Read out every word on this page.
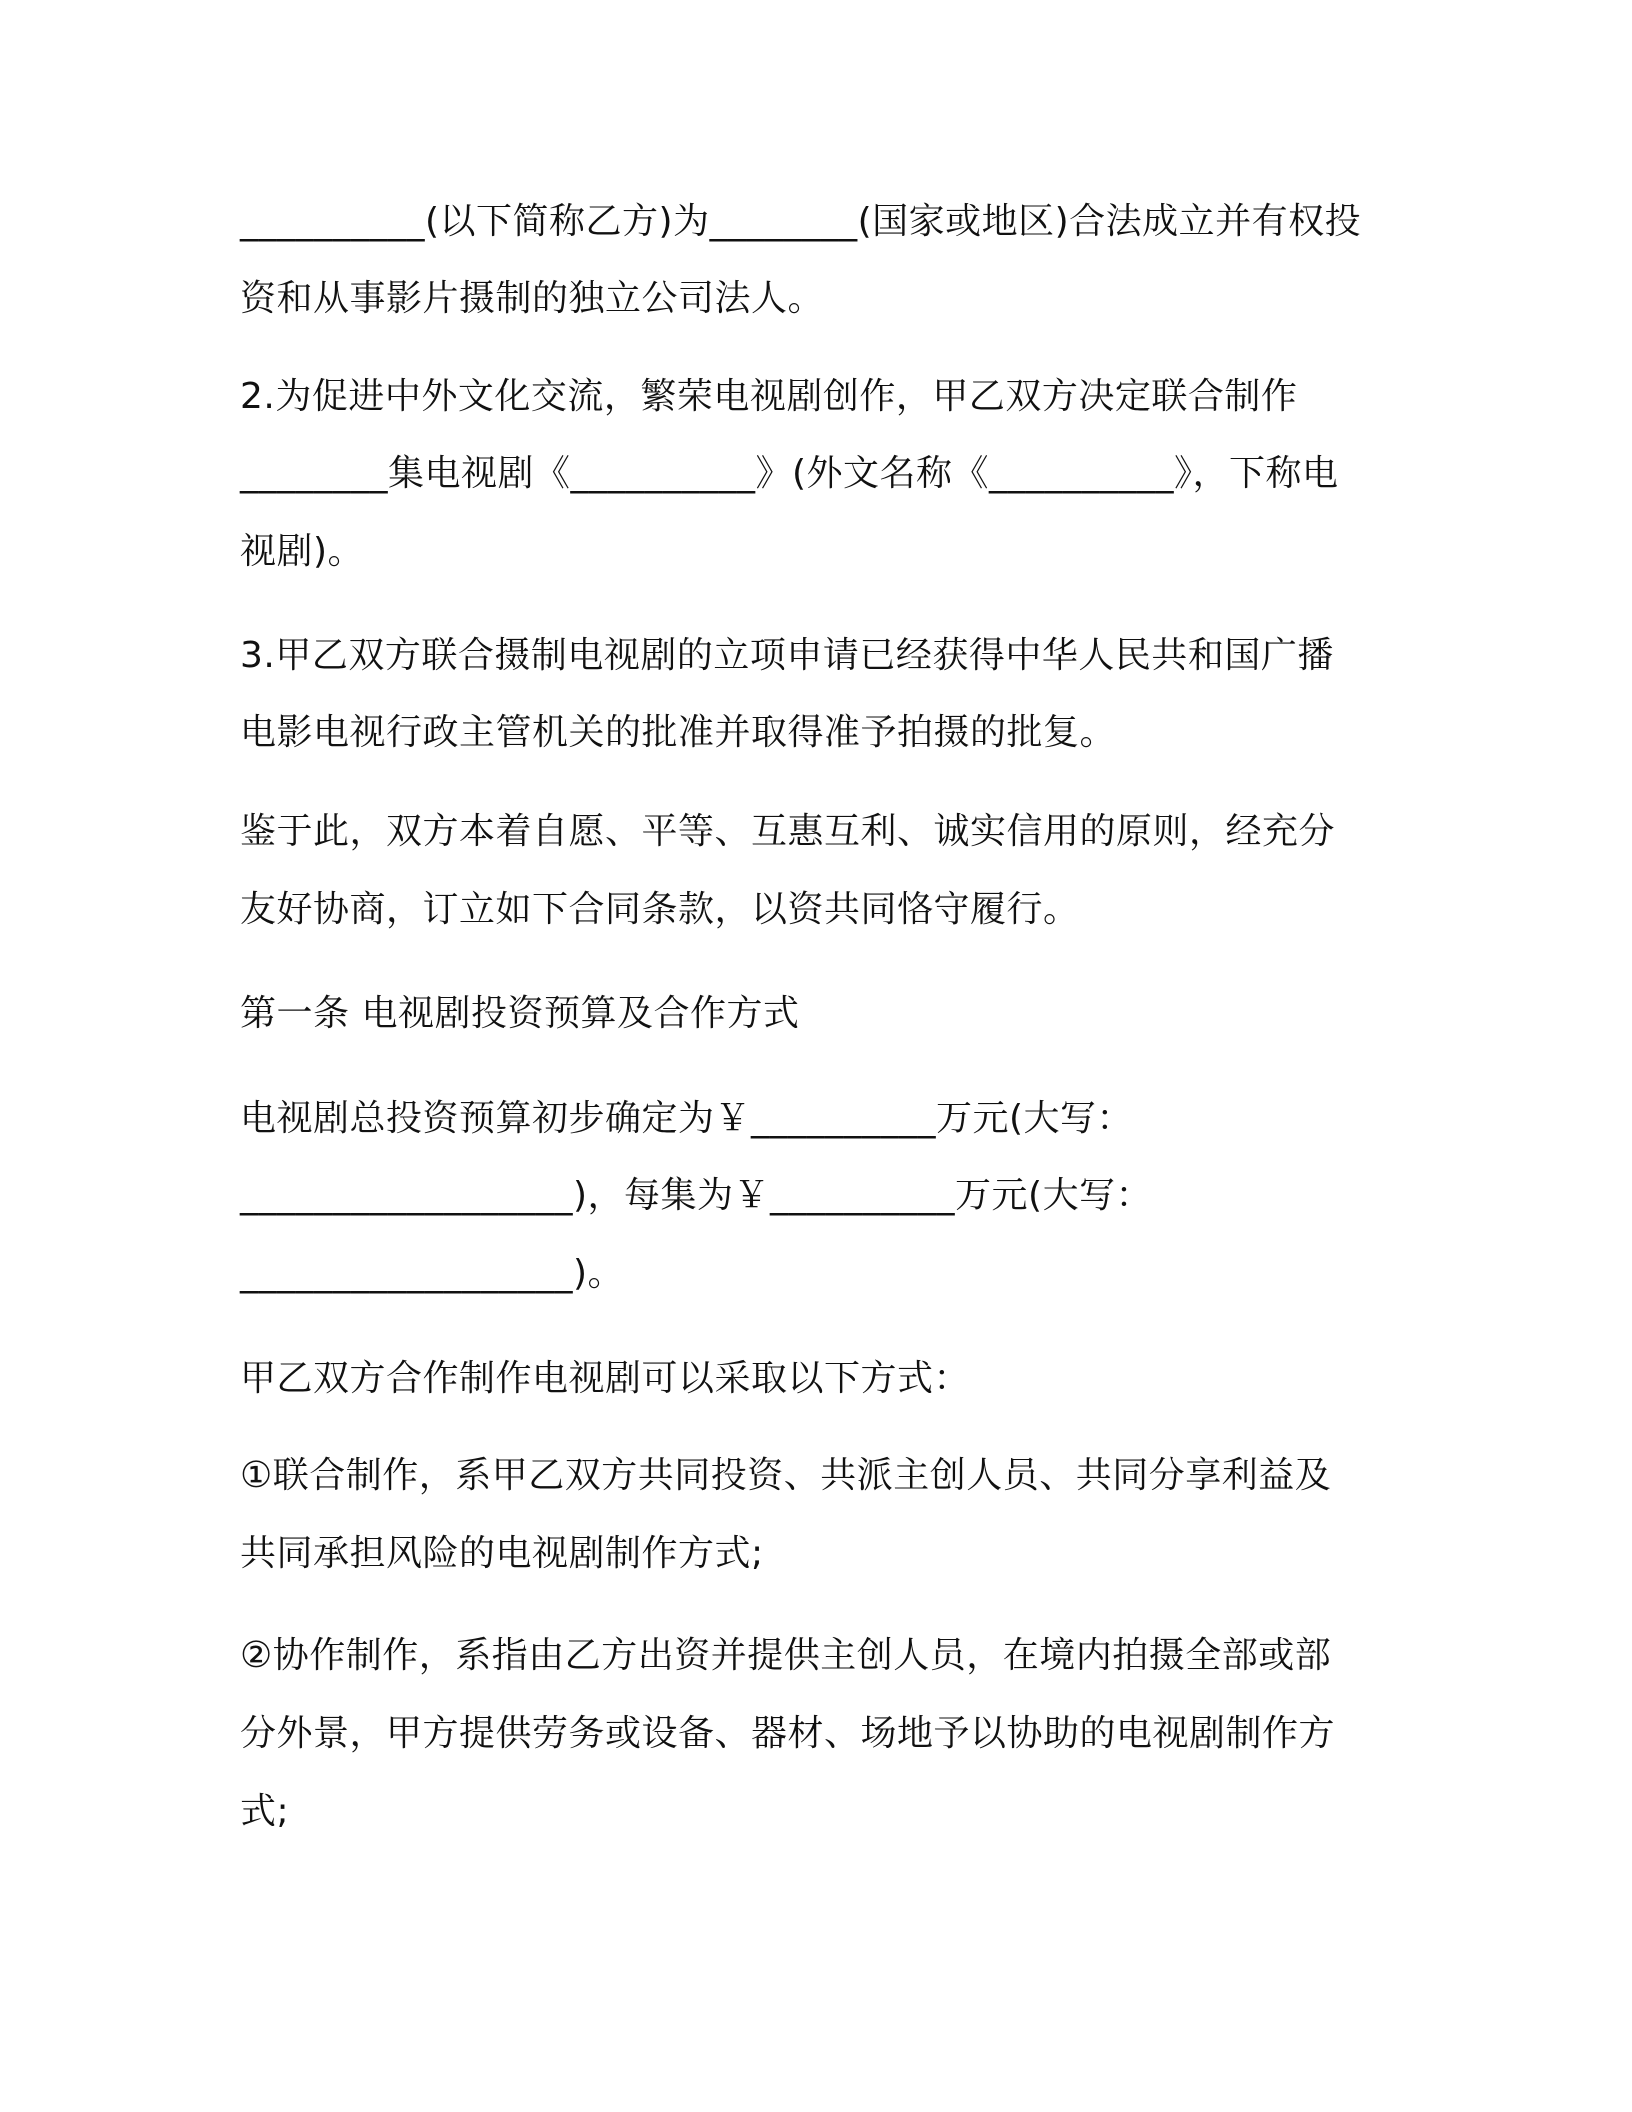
__________(以下简称乙方)为________(国家或地区)合法成立并有权投
资和从事影片摄制的独立公司法人。
2.为促进中外文化交流，繁荣电视剧创作，甲乙双方决定联合制作
________集电视剧《__________》(外文名称《__________》，下称电
视剧)。
3.甲乙双方联合摄制电视剧的立项申请已经获得中华人民共和国广播
电影电视行政主管机关的批准并取得准予拍摄的批复。
鉴于此，双方本着自愿、平等、互惠互利、诚实信用的原则，经充分
友好协商，订立如下合同条款，以资共同恪守履行。
第一条 电视剧投资预算及合作方式
电视剧总投资预算初步确定为￥__________万元(大写：
__________________)，每集为￥__________万元(大写：
__________________)。
甲乙双方合作制作电视剧可以采取以下方式：
①联合制作，系甲乙双方共同投资、共派主创人员、共同分享利益及
共同承担风险的电视剧制作方式;
②协作制作，系指由乙方出资并提供主创人员，在境内拍摄全部或部
分外景，甲方提供劳务或设备、器材、场地予以协助的电视剧制作方
式;
